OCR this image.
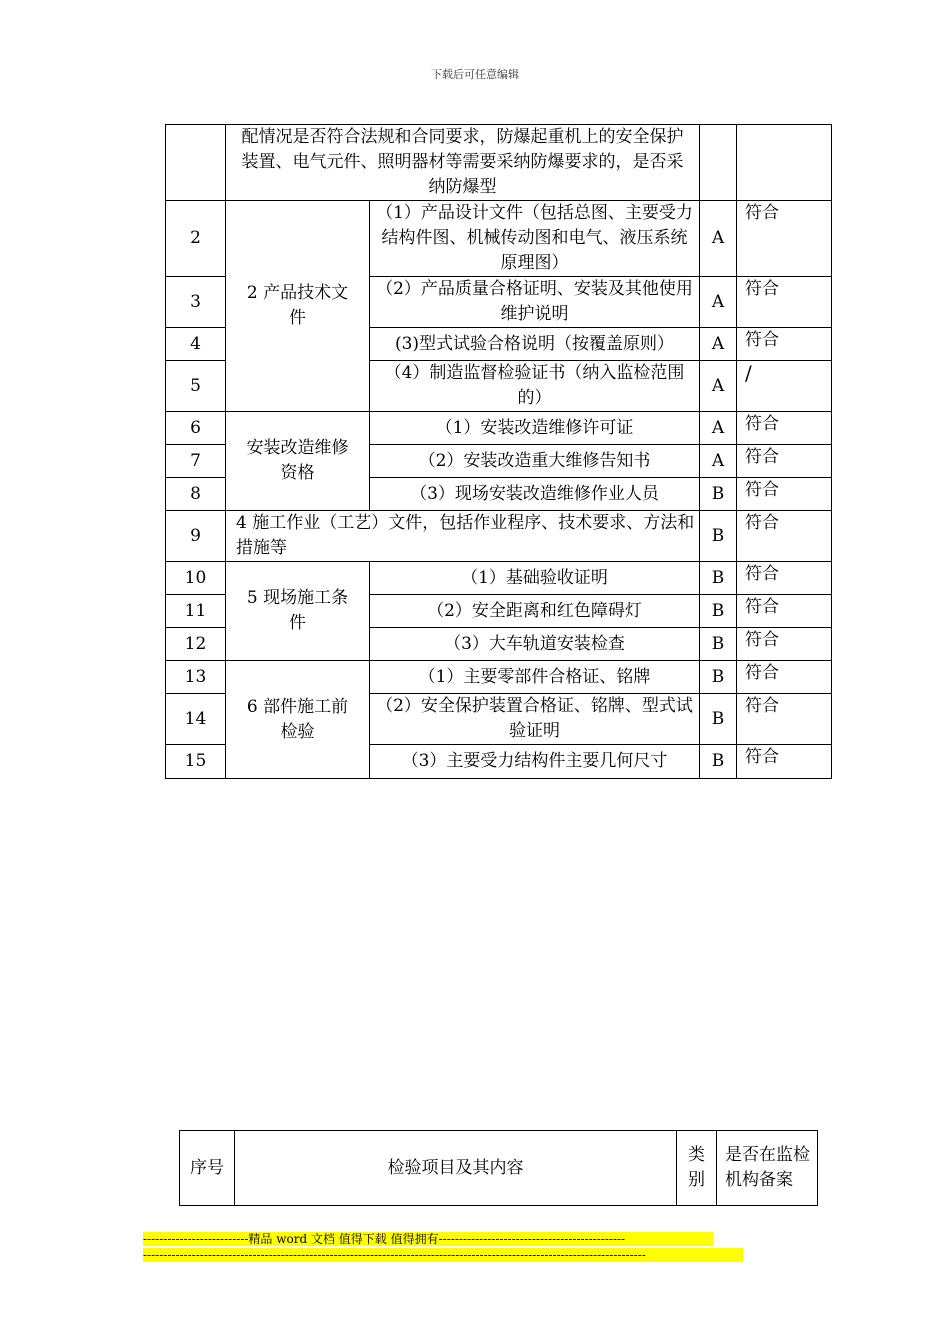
下载后可任意编辑
	配情况是否符合法规和合同要求，防爆起重机上的安全保护装置、电气元件、照明器材等需要采纳防爆要求的，是否采纳防爆型			
2	2 产品技术文件	（1）产品设计文件（包括总图、主要受力结构件图、机械传动图和电气、液压系统原理图）	A	符合
3		（2）产品质量合格证明、安装及其他使用维护说明	A	符合
4		(3)型式试验合格说明（按覆盖原则）	A	符合
5		（4）制造监督检验证书（纳入监检范围的）	A	/
6	安装改造维修资格	（1）安装改造维修许可证	A	符合
7		（2）安装改造重大维修告知书	A	符合
8		（3）现场安装改造维修作业人员	B	符合
9	4 施工作业（工艺）文件，包括作业程序、技术要求、方法和措施等		B	符合
10	5 现场施工条件	（1）基础验收证明	B	符合
11		（2）安全距离和红色障碍灯	B	符合
12		（3）大车轨道安装检查	B	符合
13	6 部件施工前检验	（1）主要零部件合格证、铭牌	B	符合
14		（2）安全保护装置合格证、铭牌、型式试验证明	B	符合
15		（3）主要受力结构件主要几何尺寸	B	符合
序号	检验项目及其内容	类别	是否在监检机构备案
--------------------------精品 word 文档 值得下载 值得拥有----------------------------------------------
----------------------------------------------------------------------------------------------------------------------------
